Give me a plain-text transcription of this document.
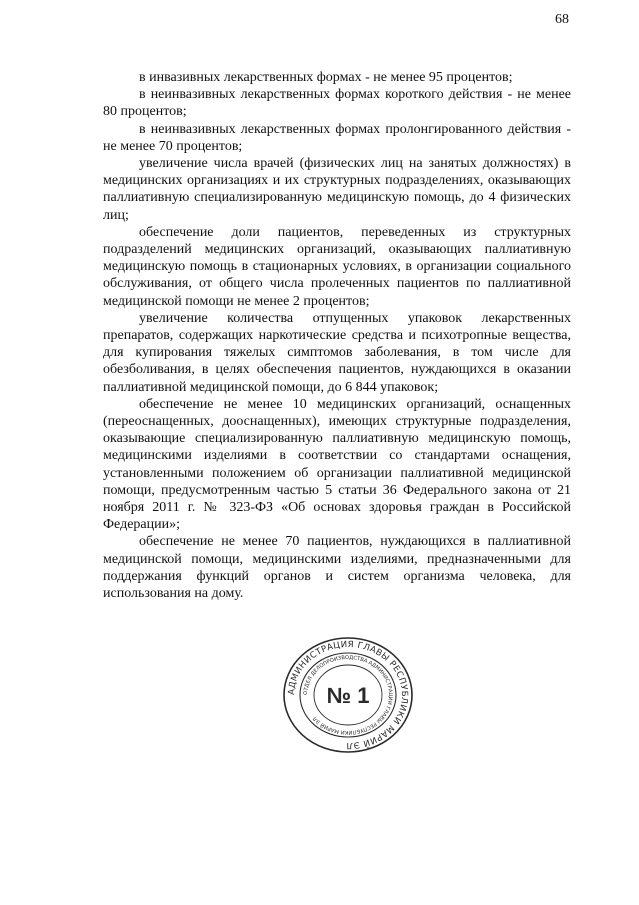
68

в инвазивных лекарственных формах - не менее 95 процентов;

в неинвазивных лекарственных формах короткого действия - не менее 80 процентов;

в неинвазивных лекарственных формах пролонгированного действия - не менее 70 процентов;

увеличение числа врачей (физических лиц на занятых должностях) в медицинских организациях и их структурных подразделениях, оказывающих паллиативную специализированную медицинскую помощь, до 4 физических лиц;

обеспечение доли пациентов, переведенных из структурных подразделений медицинских организаций, оказывающих паллиативную медицинскую помощь в стационарных условиях, в организации социального обслуживания, от общего числа пролеченных пациентов по паллиативной медицинской помощи не менее 2 процентов;

увеличение количества отпущенных упаковок лекарственных препаратов, содержащих наркотические средства и психотропные вещества, для купирования тяжелых симптомов заболевания, в том числе для обезболивания, в целях обеспечения пациентов, нуждающихся в оказании паллиативной медицинской помощи, до 6 844 упаковок;

обеспечение не менее 10 медицинских организаций, оснащенных (переоснащенных, дооснащенных), имеющих структурные подразделения, оказывающие специализированную паллиативную медицинскую помощь, медицинскими изделиями в соответствии со стандартами оснащения, установленными положением об организации паллиативной медицинской помощи, предусмотренным частью 5 статьи 36 Федерального закона от 21 ноября 2011 г. № 323-ФЗ «Об основах здоровья граждан в Российской Федерации»;

обеспечение не менее 70 пациентов, нуждающихся в паллиативной медицинской помощи, медицинскими изделиями, предназначенными для поддержания функций органов и систем организма человека, для использования на дому.

АДМИНИСТРАЦИЯ ГЛАВЫ РЕСПУБЛИКИ МАРИЙ ЭЛ
ОТДЕЛ ДЕЛОПРОИЗВОДСТВА АДМИНИСТРАЦИИ ГЛАВЫ РЕСПУБЛИКИ МАРИЙ ЭЛ
№ 1
